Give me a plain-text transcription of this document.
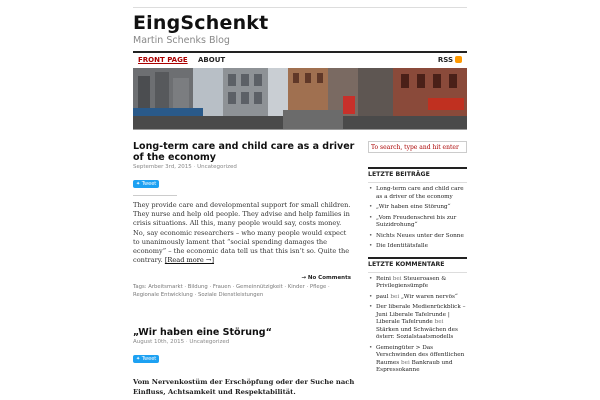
EingSchenkt
Martin Schenks Blog
FRONT PAGE ABOUT	RSS
Long-term care and child care as a driver of the economy
September 3rd, 2015 · Uncategorized
✦ Tweet
They provide care and developmental support for small children. They nurse and help old people. They advise and help families in crisis situations. All this, many people would say, costs money. No, say economic researchers – who many people would expect to unanimously lament that “social spending damages the economy” – the economic data tell us that this isn’t so. Quite the contrary. [Read more →]
→ No Comments
Tags: Arbeitsmarkt · Bildung · Frauen · Gemeinnützigkeit · Kinder · Pflege · Regionale Entwicklung · Soziale Dienstleistungen
„Wir haben eine Störung“
August 10th, 2015 · Uncategorized
✦ Tweet
Vom Nervenkostüm der Erschöpfung oder der Suche nach Einfluss, Achtsamkeit und Respektabilität.
To search, type and hit enter
LETZTE BEITRÄGE
• Long-term care and child care as a driver of the economy
• „Wir haben eine Störung“
• „Vom Freudenschrei bis zur Suizidrohung“
• Nichts Neues unter der Sonne
• Die Identitätsfalle
LETZTE KOMMENTARE
• Reini bei Steueroasen & Privilegiensümpfe
• paul bei „Wir waren nervös“
• Der liberale Medienrückblick – Juni Liberale Tafelrunde | Liberale Tafelrunde bei Stärken und Schwächen des österr. Sozialstaatsmodells
• Gemeingüter > Das Verschwinden des öffentlichen Raumes bei Bankraub und Espressokanne
